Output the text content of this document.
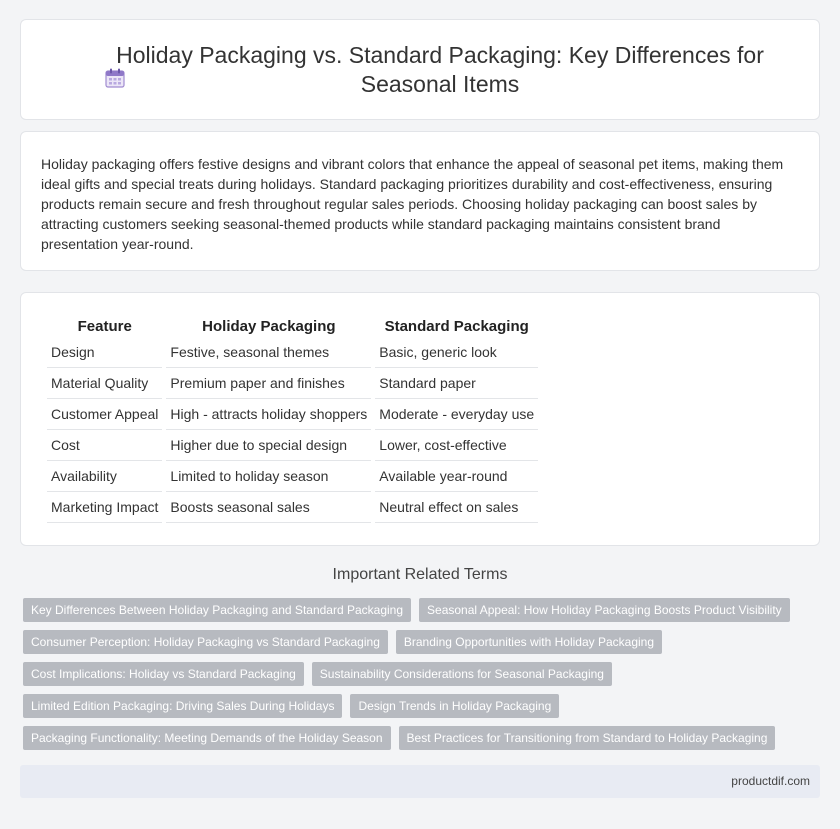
Holiday Packaging vs. Standard Packaging: Key Differences for Seasonal Items

Holiday packaging offers festive designs and vibrant colors that enhance the appeal of seasonal pet items, making them ideal gifts and special treats during holidays. Standard packaging prioritizes durability and cost-effectiveness, ensuring products remain secure and fresh throughout regular sales periods. Choosing holiday packaging can boost sales by attracting customers seeking seasonal-themed products while standard packaging maintains consistent brand presentation year-round.

Feature	Holiday Packaging	Standard Packaging
Design	Festive, seasonal themes	Basic, generic look
Material Quality	Premium paper and finishes	Standard paper
Customer Appeal	High - attracts holiday shoppers	Moderate - everyday use
Cost	Higher due to special design	Lower, cost-effective
Availability	Limited to holiday season	Available year-round
Marketing Impact	Boosts seasonal sales	Neutral effect on sales
Important Related Terms
Key Differences Between Holiday Packaging and Standard Packaging	Seasonal Appeal: How Holiday Packaging Boosts Product Visibility
Consumer Perception: Holiday Packaging vs Standard Packaging	Branding Opportunities with Holiday Packaging
Cost Implications: Holiday vs Standard Packaging	Sustainability Considerations for Seasonal Packaging
Limited Edition Packaging: Driving Sales During Holidays	Design Trends in Holiday Packaging
Packaging Functionality: Meeting Demands of the Holiday Season	Best Practices for Transitioning from Standard to Holiday Packaging
productdif.com
